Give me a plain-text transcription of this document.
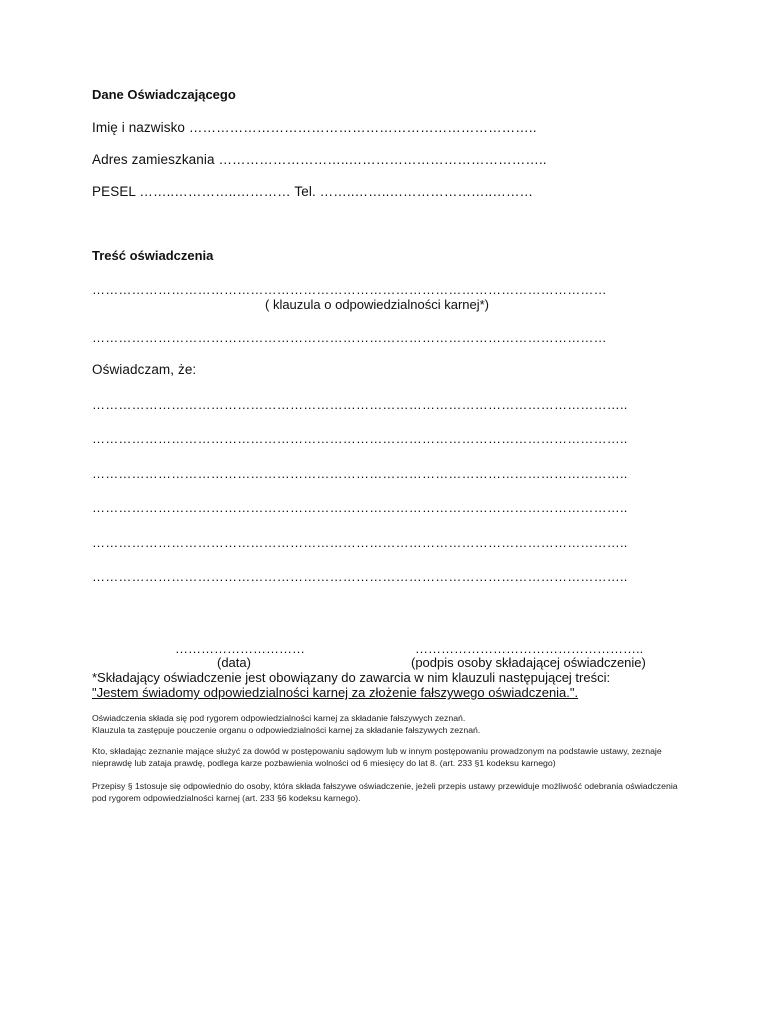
Dane Oświadczającego
Imię i nazwisko …………………………………………………………………..
Adres zamieszkania ………………………..……………………………………..
PESEL ……..…………..………… Tel. ……..……..…………………..………
Treść oświadczenia
………………………………………………………………………………………………………
( klauzula o odpowiedzialności karnej*)
………………………………………………………………………………………………………
Oświadczam, że:
…………………………………………………………………………………………………………..
…………………………………………………………………………………………………………..
…………………………………………………………………………………………………………..
…………………………………………………………………………………………………………..
…………………………………………………………………………………………………………..
…………………………………………………………………………………………………………..
…………………………	……………………………………………..
(data)	(podpis osoby składającej oświadczenie)
*Składający oświadczenie jest obowiązany do zawarcia w nim klauzuli następującej treści:
"Jestem świadomy odpowiedzialności karnej za złożenie fałszywego oświadczenia.".
Oświadczenia składa się pod rygorem odpowiedzialności karnej za składanie fałszywych zeznań.
Klauzula ta zastępuje pouczenie organu o odpowiedzialności karnej za składanie fałszywych zeznań.
Kto, składając zeznanie mające służyć za dowód w postępowaniu sądowym lub w innym postępowaniu prowadzonym na podstawie ustawy, zeznaje nieprawdę lub zataja prawdę, podlega karze pozbawienia wolności od 6 miesięcy do lat 8. (art. 233 §1 kodeksu karnego)
Przepisy § 1stosuje się odpowiednio do osoby, która składa fałszywe oświadczenie, jeżeli przepis ustawy przewiduje możliwość odebrania oświadczenia pod rygorem odpowiedzialności karnej (art. 233 §6 kodeksu karnego).
